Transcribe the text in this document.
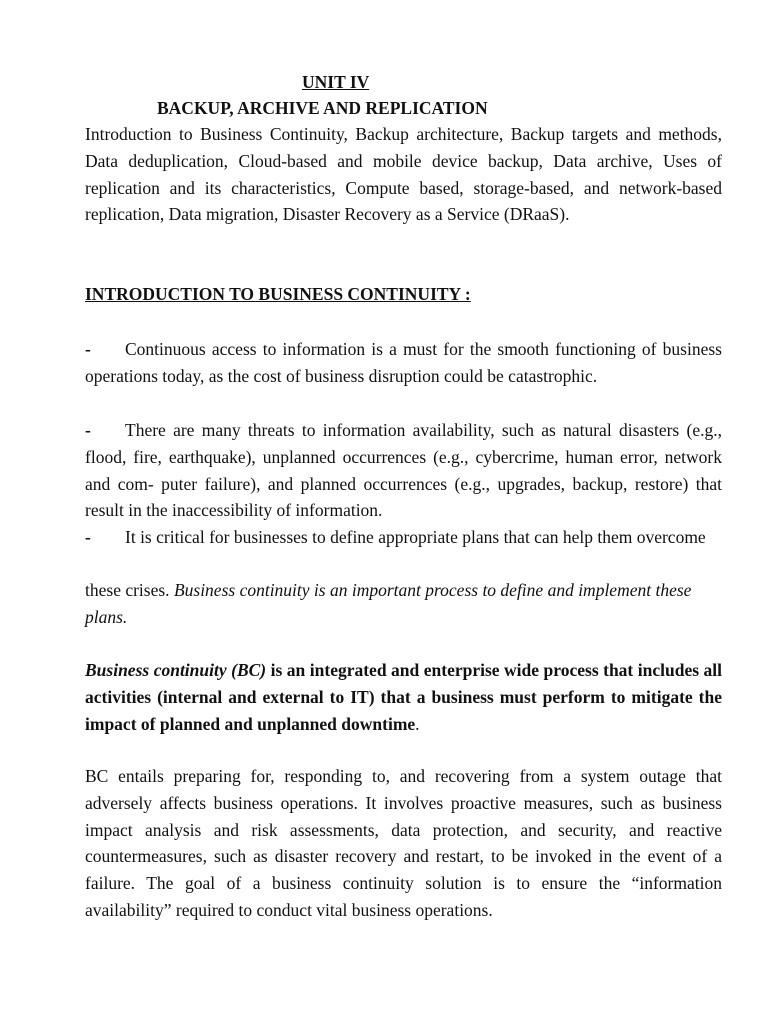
UNIT IV
BACKUP, ARCHIVE AND REPLICATION
Introduction to Business Continuity, Backup architecture, Backup targets and methods, Data deduplication, Cloud-based and mobile device backup, Data archive, Uses of replication and its characteristics, Compute based, storage-based, and network-based replication, Data migration, Disaster Recovery as a Service (DRaaS).
INTRODUCTION TO BUSINESS CONTINUITY :
- Continuous access to information is a must for the smooth functioning of business operations today, as the cost of business disruption could be catastrophic.
- There are many threats to information availability, such as natural disasters (e.g., flood, fire, earthquake), unplanned occurrences (e.g., cybercrime, human error, network and com- puter failure), and planned occurrences (e.g., upgrades, backup, restore) that result in the inaccessibility of information.
- It is critical for businesses to define appropriate plans that can help them overcome
these crises. Business continuity is an important process to define and implement these plans.
Business continuity (BC) is an integrated and enterprise wide process that includes all activities (internal and external to IT) that a business must perform to mitigate the impact of planned and unplanned downtime.
BC entails preparing for, responding to, and recovering from a system outage that adversely affects business operations. It involves proactive measures, such as business impact analysis and risk assessments, data protection, and security, and reactive countermeasures, such as disaster recovery and restart, to be invoked in the event of a failure. The goal of a business continuity solution is to ensure the “information availability” required to conduct vital business operations.
